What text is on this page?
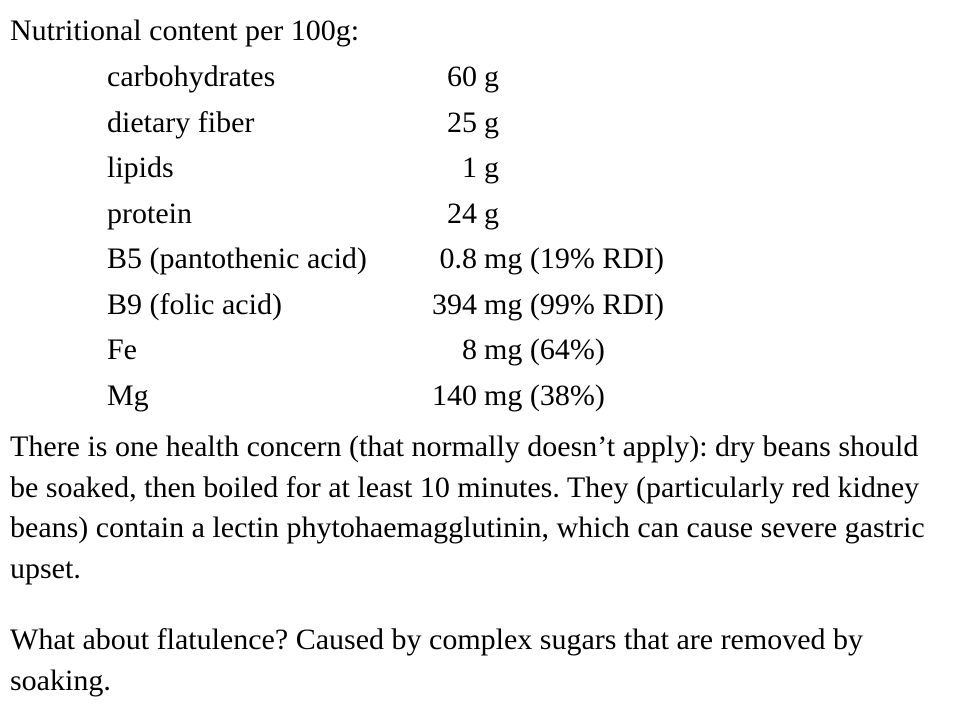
Nutritional content per 100g:
carbohydrates	60 g
dietary fiber	25 g
lipids	1 g
protein	24 g
B5 (pantothenic acid) 0.8 mg (19% RDI)
B9 (folic acid)	394 mg (99% RDI)
Fe	8 mg (64%)
Mg	140 mg (38%)

There is one health concern (that normally doesn’t apply): dry beans should be soaked, then boiled for at least 10 minutes. They (particularly red kidney beans) contain a lectin phytohaemagglutinin, which can cause severe gastric upset.

What about flatulence? Caused by complex sugars that are removed by soaking.
